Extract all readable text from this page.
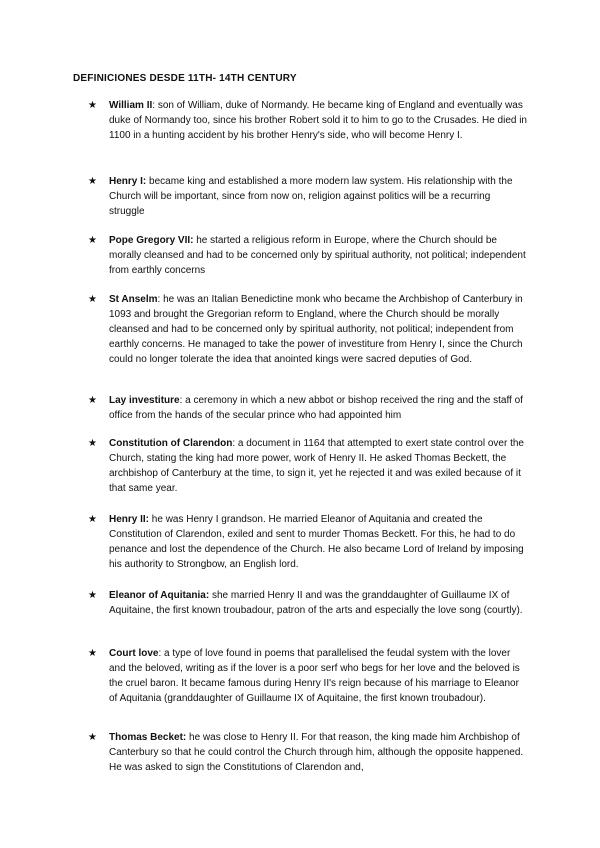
DEFINICIONES DESDE 11TH- 14TH CENTURY
★ William II: son of William, duke of Normandy. He became king of England and eventually was duke of Normandy too, since his brother Robert sold it to him to go to the Crusades. He died in 1100 in a hunting accident by his brother Henry's side, who will become Henry I.
★ Henry I: became king and established a more modern law system. His relationship with the Church will be important, since from now on, religion against politics will be a recurring struggle
★ Pope Gregory VII: he started a religious reform in Europe, where the Church should be morally cleansed and had to be concerned only by spiritual authority, not political; independent from earthly concerns
★ St Anselm: he was an Italian Benedictine monk who became the Archbishop of Canterbury in 1093 and brought the Gregorian reform to England, where the Church should be morally cleansed and had to be concerned only by spiritual authority, not political; independent from earthly concerns. He managed to take the power of investiture from Henry I, since the Church could no longer tolerate the idea that anointed kings were sacred deputies of God.
★ Lay investiture: a ceremony in which a new abbot or bishop received the ring and the staff of office from the hands of the secular prince who had appointed him
★ Constitution of Clarendon: a document in 1164 that attempted to exert state control over the Church, stating the king had more power, work of Henry II. He asked Thomas Beckett, the archbishop of Canterbury at the time, to sign it, yet he rejected it and was exiled because of it that same year.
★ Henry II: he was Henry I grandson. He married Eleanor of Aquitania and created the Constitution of Clarendon, exiled and sent to murder Thomas Beckett. For this, he had to do penance and lost the dependence of the Church. He also became Lord of Ireland by imposing his authority to Strongbow, an English lord.
★ Eleanor of Aquitania: she married Henry II and was the granddaughter of Guillaume IX of Aquitaine, the first known troubadour, patron of the arts and especially the love song (courtly).
★ Court love: a type of love found in poems that parallelised the feudal system with the lover and the beloved, writing as if the lover is a poor serf who begs for her love and the beloved is the cruel baron. It became famous during Henry II's reign because of his marriage to Eleanor of Aquitania (granddaughter of Guillaume IX of Aquitaine, the first known troubadour).
★ Thomas Becket: he was close to Henry II. For that reason, the king made him Archbishop of Canterbury so that he could control the Church through him, although the opposite happened. He was asked to sign the Constitutions of Clarendon and,
